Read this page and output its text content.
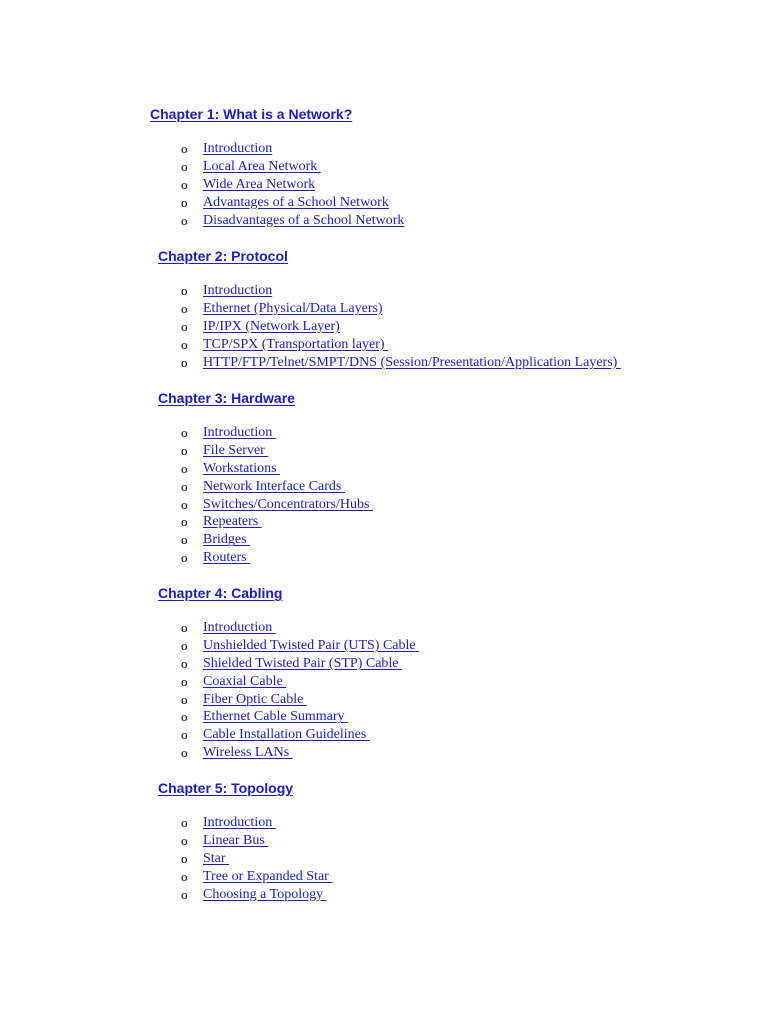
Chapter 1: What is a Network?
o Introduction
o Local Area Network
o Wide Area Network
o Advantages of a School Network
o Disadvantages of a School Network
Chapter 2: Protocol
o Introduction
o Ethernet (Physical/Data Layers)
o IP/IPX (Network Layer)
o TCP/SPX (Transportation layer)
o HTTP/FTP/Telnet/SMPT/DNS (Session/Presentation/Application Layers)
Chapter 3: Hardware
o Introduction
o File Server
o Workstations
o Network Interface Cards
o Switches/Concentrators/Hubs
o Repeaters
o Bridges
o Routers
Chapter 4: Cabling
o Introduction
o Unshielded Twisted Pair (UTS) Cable
o Shielded Twisted Pair (STP) Cable
o Coaxial Cable
o Fiber Optic Cable
o Ethernet Cable Summary
o Cable Installation Guidelines
o Wireless LANs
Chapter 5: Topology
o Introduction
o Linear Bus
o Star
o Tree or Expanded Star
o Choosing a Topology
